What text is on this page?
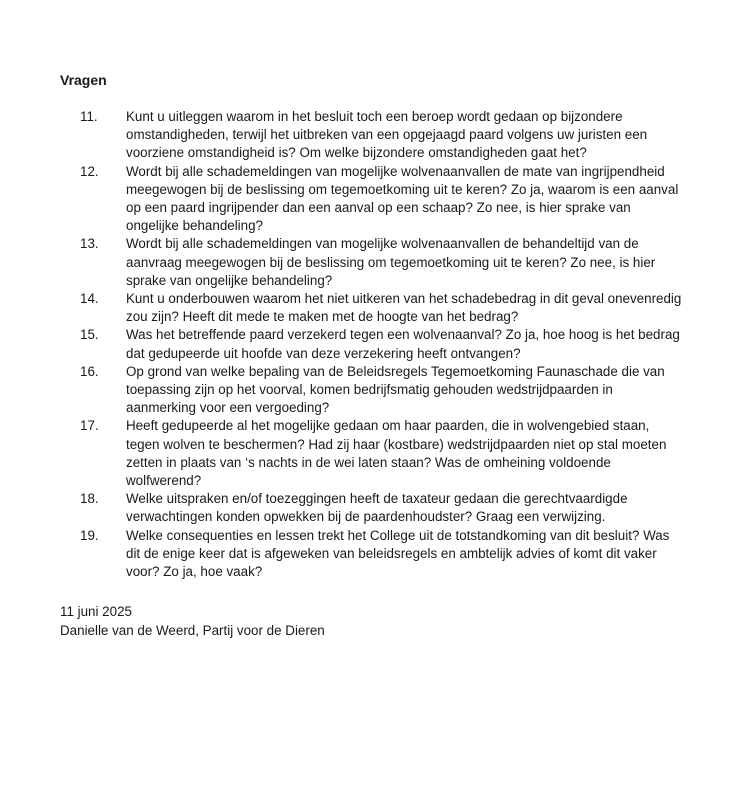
Vragen

11. Kunt u uitleggen waarom in het besluit toch een beroep wordt gedaan op bijzondere omstandigheden, terwijl het uitbreken van een opgejaagd paard volgens uw juristen een voorziene omstandigheid is? Om welke bijzondere omstandigheden gaat het?
12. Wordt bij alle schademeldingen van mogelijke wolvenaanvallen de mate van ingrijpendheid meegewogen bij de beslissing om tegemoetkoming uit te keren? Zo ja, waarom is een aanval op een paard ingrijpender dan een aanval op een schaap? Zo nee, is hier sprake van ongelijke behandeling?
13. Wordt bij alle schademeldingen van mogelijke wolvenaanvallen de behandeltijd van de aanvraag meegewogen bij de beslissing om tegemoetkoming uit te keren? Zo nee, is hier sprake van ongelijke behandeling?
14. Kunt u onderbouwen waarom het niet uitkeren van het schadebedrag in dit geval onevenredig zou zijn? Heeft dit mede te maken met de hoogte van het bedrag?
15. Was het betreffende paard verzekerd tegen een wolvenaanval? Zo ja, hoe hoog is het bedrag dat gedupeerde uit hoofde van deze verzekering heeft ontvangen?
16. Op grond van welke bepaling van de Beleidsregels Tegemoetkoming Faunaschade die van toepassing zijn op het voorval, komen bedrijfsmatig gehouden wedstrijdpaarden in aanmerking voor een vergoeding?
17. Heeft gedupeerde al het mogelijke gedaan om haar paarden, die in wolvengebied staan, tegen wolven te beschermen? Had zij haar (kostbare) wedstrijdpaarden niet op stal moeten zetten in plaats van ‘s nachts in de wei laten staan? Was de omheining voldoende wolfwerend?
18. Welke uitspraken en/of toezeggingen heeft de taxateur gedaan die gerechtvaardigde verwachtingen konden opwekken bij de paardenhoudster? Graag een verwijzing.
19. Welke consequenties en lessen trekt het College uit de totstandkoming van dit besluit? Was dit de enige keer dat is afgeweken van beleidsregels en ambtelijk advies of komt dit vaker voor? Zo ja, hoe vaak?
11 juni 2025
Danielle van de Weerd, Partij voor de Dieren
